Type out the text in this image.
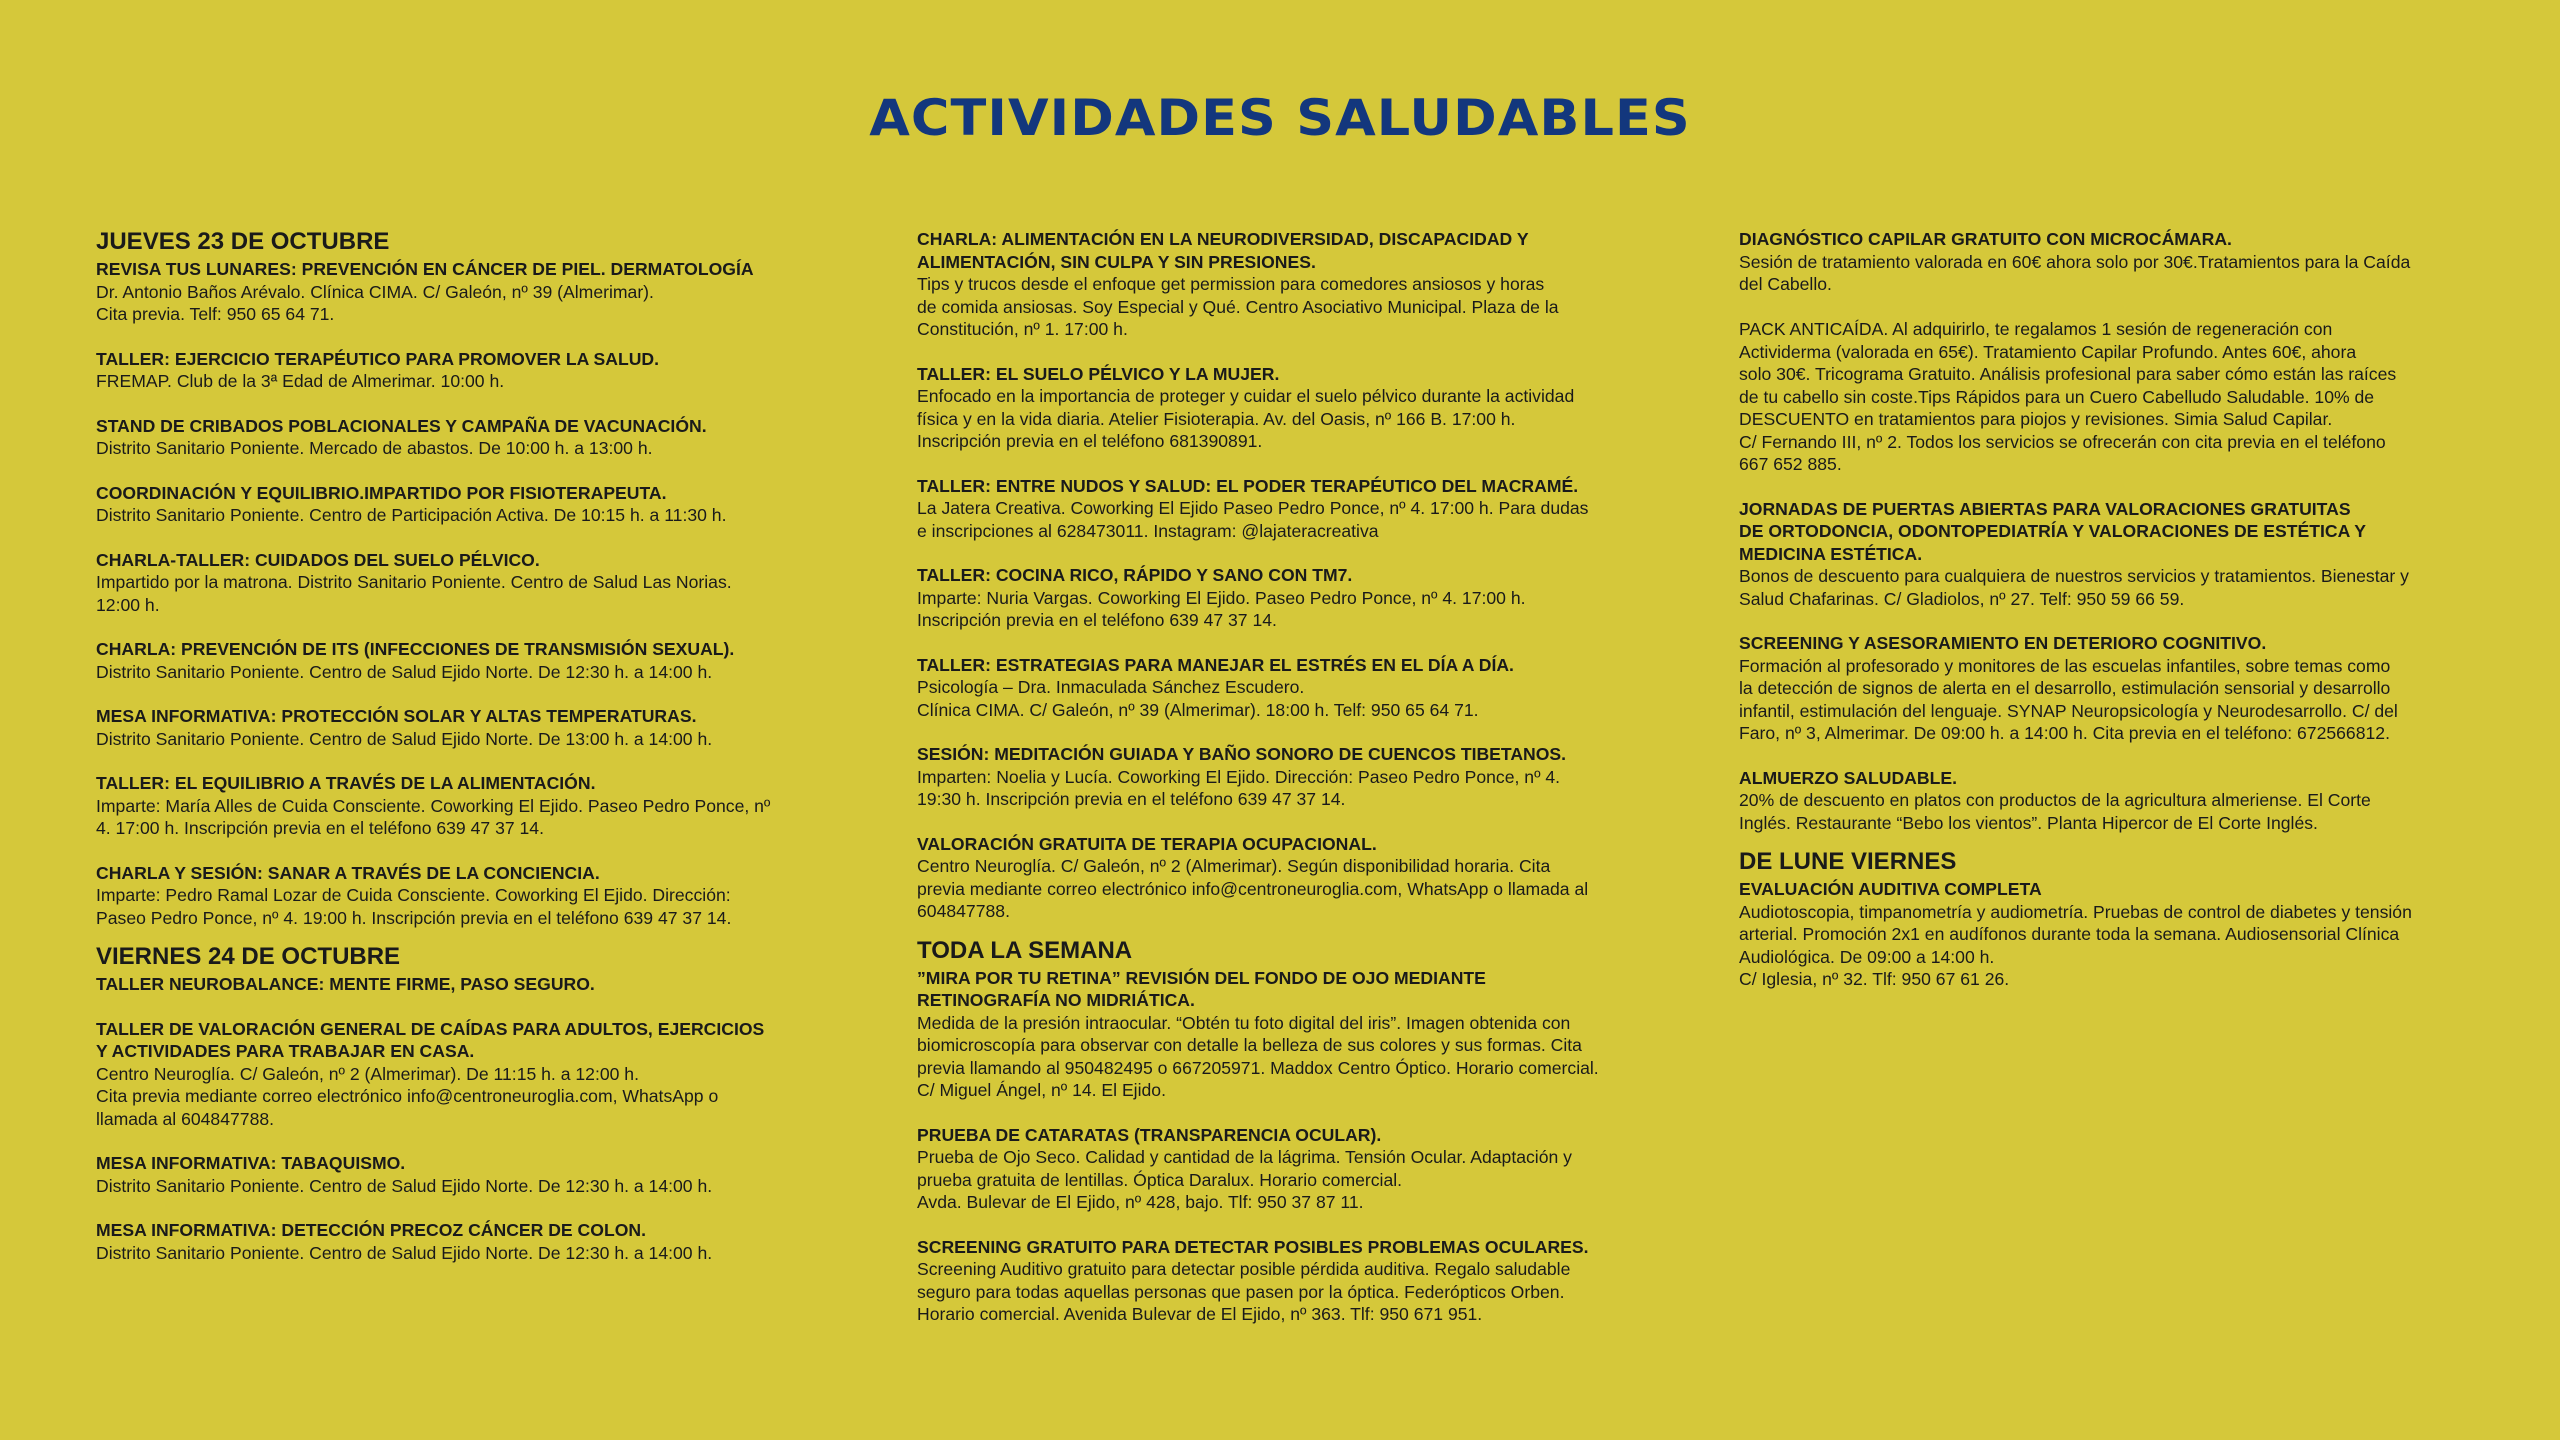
ACTIVIDADES SALUDABLES
JUEVES 23 DE OCTUBRE
REVISA TUS LUNARES: PREVENCIÓN EN CÁNCER DE PIEL. DERMATOLOGÍA
Dr. Antonio Baños Arévalo. Clínica CIMA. C/ Galeón, nº 39 (Almerimar).
Cita previa. Telf: 950 65 64 71.
TALLER: EJERCICIO TERAPÉUTICO PARA PROMOVER LA SALUD.
FREMAP. Club de la 3ª Edad de Almerimar. 10:00 h.
STAND DE CRIBADOS POBLACIONALES Y CAMPAÑA DE VACUNACIÓN.
Distrito Sanitario Poniente. Mercado de abastos. De 10:00 h. a 13:00 h.
COORDINACIÓN Y EQUILIBRIO.IMPARTIDO POR FISIOTERAPEUTA.
Distrito Sanitario Poniente. Centro de Participación Activa. De 10:15 h. a 11:30 h.
CHARLA-TALLER: CUIDADOS DEL SUELO PÉLVICO.
Impartido por la matrona. Distrito Sanitario Poniente. Centro de Salud Las Norias.
12:00 h.
CHARLA: PREVENCIÓN DE ITS (INFECCIONES DE TRANSMISIÓN SEXUAL).
Distrito Sanitario Poniente. Centro de Salud Ejido Norte. De 12:30 h. a 14:00 h.
MESA INFORMATIVA: PROTECCIÓN SOLAR Y ALTAS TEMPERATURAS.
Distrito Sanitario Poniente. Centro de Salud Ejido Norte. De 13:00 h. a 14:00 h.
TALLER: EL EQUILIBRIO A TRAVÉS DE LA ALIMENTACIÓN.
Imparte: María Alles de Cuida Consciente. Coworking El Ejido. Paseo Pedro Ponce, nº
4. 17:00 h. Inscripción previa en el teléfono 639 47 37 14.
CHARLA Y SESIÓN: SANAR A TRAVÉS DE LA CONCIENCIA.
Imparte: Pedro Ramal Lozar de Cuida Consciente. Coworking El Ejido. Dirección:
Paseo Pedro Ponce, nº 4. 19:00 h. Inscripción previa en el teléfono 639 47 37 14.
VIERNES 24 DE OCTUBRE
TALLER NEUROBALANCE: MENTE FIRME, PASO SEGURO.
TALLER DE VALORACIÓN GENERAL DE CAÍDAS PARA ADULTOS, EJERCICIOS
Y ACTIVIDADES PARA TRABAJAR EN CASA.
Centro Neuroglía. C/ Galeón, nº 2 (Almerimar). De 11:15 h. a 12:00 h.
Cita previa mediante correo electrónico info@centroneuroglia.com, WhatsApp o
llamada al 604847788.
MESA INFORMATIVA: TABAQUISMO.
Distrito Sanitario Poniente. Centro de Salud Ejido Norte. De 12:30 h. a 14:00 h.
MESA INFORMATIVA: DETECCIÓN PRECOZ CÁNCER DE COLON.
Distrito Sanitario Poniente. Centro de Salud Ejido Norte. De 12:30 h. a 14:00 h.
CHARLA: ALIMENTACIÓN EN LA NEURODIVERSIDAD, DISCAPACIDAD Y
ALIMENTACIÓN, SIN CULPA Y SIN PRESIONES.
Tips y trucos desde el enfoque get permission para comedores ansiosos y horas
de comida ansiosas. Soy Especial y Qué. Centro Asociativo Municipal. Plaza de la
Constitución, nº 1. 17:00 h.
TALLER: EL SUELO PÉLVICO Y LA MUJER.
Enfocado en la importancia de proteger y cuidar el suelo pélvico durante la actividad
física y en la vida diaria. Atelier Fisioterapia. Av. del Oasis, nº 166 B. 17:00 h.
Inscripción previa en el teléfono 681390891.
TALLER: ENTRE NUDOS Y SALUD: EL PODER TERAPÉUTICO DEL MACRAMÉ.
La Jatera Creativa. Coworking El Ejido Paseo Pedro Ponce, nº 4. 17:00 h. Para dudas
e inscripciones al 628473011. Instagram: @lajateracreativa
TALLER: COCINA RICO, RÁPIDO Y SANO CON TM7.
Imparte: Nuria Vargas. Coworking El Ejido. Paseo Pedro Ponce, nº 4. 17:00 h.
Inscripción previa en el teléfono 639 47 37 14.
TALLER: ESTRATEGIAS PARA MANEJAR EL ESTRÉS EN EL DÍA A DÍA.
Psicología – Dra. Inmaculada Sánchez Escudero.
Clínica CIMA. C/ Galeón, nº 39 (Almerimar). 18:00 h. Telf: 950 65 64 71.
SESIÓN: MEDITACIÓN GUIADA Y BAÑO SONORO DE CUENCOS TIBETANOS.
Imparten: Noelia y Lucía. Coworking El Ejido. Dirección: Paseo Pedro Ponce, nº 4.
19:30 h. Inscripción previa en el teléfono 639 47 37 14.
VALORACIÓN GRATUITA DE TERAPIA OCUPACIONAL.
Centro Neuroglía. C/ Galeón, nº 2 (Almerimar). Según disponibilidad horaria. Cita
previa mediante correo electrónico info@centroneuroglia.com, WhatsApp o llamada al
604847788.
TODA LA SEMANA
”MIRA POR TU RETINA” REVISIÓN DEL FONDO DE OJO MEDIANTE
RETINOGRAFÍA NO MIDRIÁTICA.
Medida de la presión intraocular. “Obtén tu foto digital del iris”. Imagen obtenida con
biomicroscopía para observar con detalle la belleza de sus colores y sus formas. Cita
previa llamando al 950482495 o 667205971. Maddox Centro Óptico. Horario comercial.
C/ Miguel Ángel, nº 14. El Ejido.
PRUEBA DE CATARATAS (TRANSPARENCIA OCULAR).
Prueba de Ojo Seco. Calidad y cantidad de la lágrima. Tensión Ocular. Adaptación y
prueba gratuita de lentillas. Óptica Daralux. Horario comercial.
Avda. Bulevar de El Ejido, nº 428, bajo. Tlf: 950 37 87 11.
SCREENING GRATUITO PARA DETECTAR POSIBLES PROBLEMAS OCULARES.
Screening Auditivo gratuito para detectar posible pérdida auditiva. Regalo saludable
seguro para todas aquellas personas que pasen por la óptica. Federópticos Orben.
Horario comercial. Avenida Bulevar de El Ejido, nº 363. Tlf: 950 671 951.
DIAGNÓSTICO CAPILAR GRATUITO CON MICROCÁMARA.
Sesión de tratamiento valorada en 60€ ahora solo por 30€.Tratamientos para la Caída
del Cabello.

PACK ANTICAÍDA. Al adquirirlo, te regalamos 1 sesión de regeneración con
Actividerma (valorada en 65€). Tratamiento Capilar Profundo. Antes 60€, ahora
solo 30€. Tricograma Gratuito. Análisis profesional para saber cómo están las raíces
de tu cabello sin coste.Tips Rápidos para un Cuero Cabelludo Saludable. 10% de
DESCUENTO en tratamientos para piojos y revisiones. Simia Salud Capilar.
C/ Fernando III, nº 2. Todos los servicios se ofrecerán con cita previa en el teléfono
667 652 885.
JORNADAS DE PUERTAS ABIERTAS PARA VALORACIONES GRATUITAS
DE ORTODONCIA, ODONTOPEDIATRÍA Y VALORACIONES DE ESTÉTICA Y
MEDICINA ESTÉTICA.
Bonos de descuento para cualquiera de nuestros servicios y tratamientos. Bienestar y
Salud Chafarinas. C/ Gladiolos, nº 27. Telf: 950 59 66 59.
SCREENING Y ASESORAMIENTO EN DETERIORO COGNITIVO.
Formación al profesorado y monitores de las escuelas infantiles, sobre temas como
la detección de signos de alerta en el desarrollo, estimulación sensorial y desarrollo
infantil, estimulación del lenguaje. SYNAP Neuropsicología y Neurodesarrollo. C/ del
Faro, nº 3, Almerimar. De 09:00 h. a 14:00 h. Cita previa en el teléfono: 672566812.
ALMUERZO SALUDABLE.
20% de descuento en platos con productos de la agricultura almeriense. El Corte
Inglés. Restaurante “Bebo los vientos”. Planta Hipercor de El Corte Inglés.
DE LUNE VIERNES
EVALUACIÓN AUDITIVA COMPLETA
Audiotoscopia, timpanometría y audiometría. Pruebas de control de diabetes y tensión
arterial. Promoción 2x1 en audífonos durante toda la semana. Audiosensorial Clínica
Audiológica. De 09:00 a 14:00 h.
C/ Iglesia, nº 32. Tlf: 950 67 61 26.
